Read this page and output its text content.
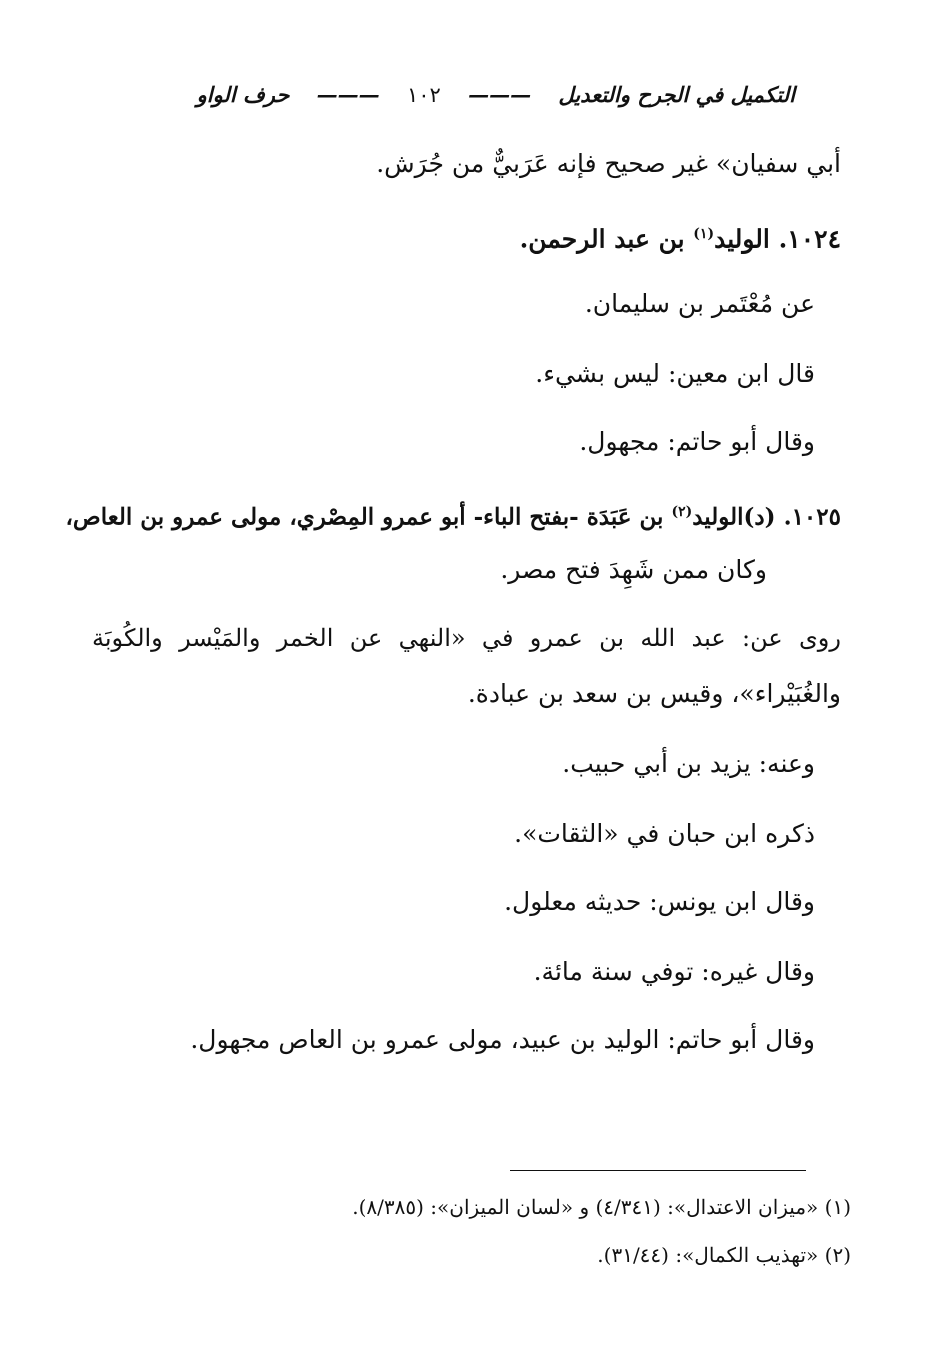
التكميل في الجرح والتعديل ——— ١٠٢ ——— حرف الواو
أبي سفيان» غير صحيح فإنه عَرَبيٌّ من جُرَش.
١٠٢٤. الوليد$^{(١)}$ بن عبد الرحمن.
عن مُعْتَمر بن سليمان.
قال ابن معين: ليس بشيء.
وقال أبو حاتم: مجهول.
١٠٢٥. (د)الوليد$^{(٢)}$ بن عَبَدَة -بفتح الباء- أبو عمرو المِصْري، مولى عمرو بن العاص،
وكان ممن شَهِدَ فتح مصر.
روى عن: عبد الله بن عمرو في «النهي عن الخمر والمَيْسر والكُوبَة
والغُبَيْراء»، وقيس بن سعد بن عبادة.
وعنه: يزيد بن أبي حبيب.
ذكره ابن حبان في «الثقات».
وقال ابن يونس: حديثه معلول.
وقال غيره: توفي سنة مائة.
وقال أبو حاتم: الوليد بن عبيد، مولى عمرو بن العاص مجهول.
(١) «ميزان الاعتدال»: (٤/٣٤١) و «لسان الميزان»: (٨/٣٨٥).
(٢) «تهذيب الكمال»: (٣١/٤٤).
